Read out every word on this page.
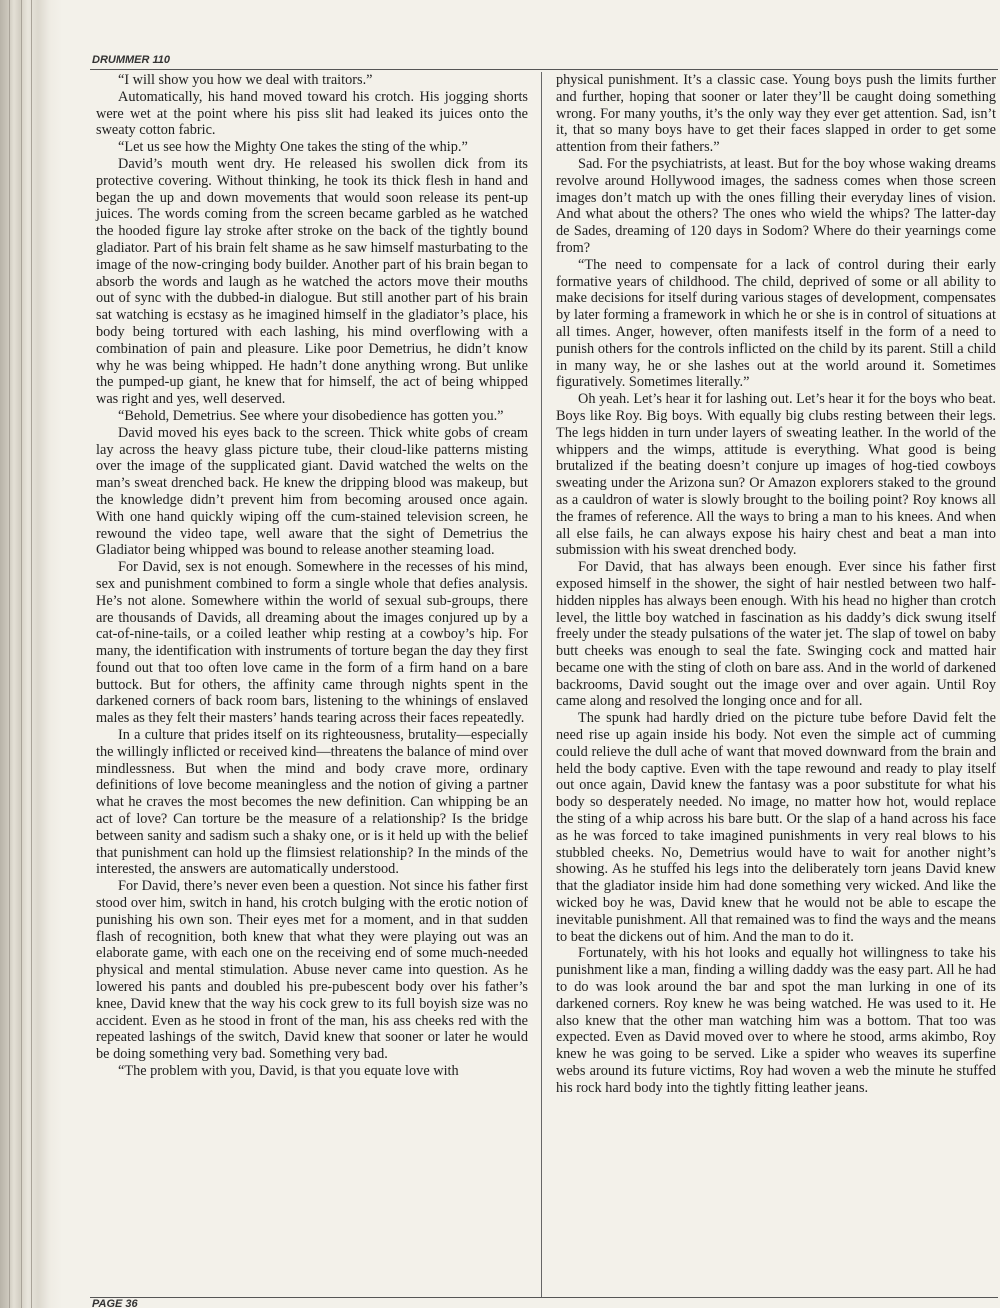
DRUMMER 110

“I will show you how we deal with traitors.”

Automatically, his hand moved toward his crotch. His jogging shorts were wet at the point where his piss slit had leaked its juices onto the sweaty cotton fabric.

“Let us see how the Mighty One takes the sting of the whip.”

David’s mouth went dry. He released his swollen dick from its protective covering. Without thinking, he took its thick flesh in hand and began the up and down movements that would soon release its pent-up juices. The words coming from the screen became garbled as he watched the hooded figure lay stroke after stroke on the back of the tightly bound gladiator. Part of his brain felt shame as he saw himself masturbating to the image of the now-cringing body builder. Another part of his brain began to absorb the words and laugh as he watched the actors move their mouths out of sync with the dubbed-in dialogue. But still another part of his brain sat watching is ecstasy as he imagined himself in the gladiator’s place, his body being tortured with each lashing, his mind overflowing with a combination of pain and pleasure. Like poor Demetrius, he didn’t know why he was being whipped. He hadn’t done anything wrong. But unlike the pumped-up giant, he knew that for himself, the act of being whipped was right and yes, well deserved.

“Behold, Demetrius. See where your disobedience has gotten you.”

David moved his eyes back to the screen. Thick white gobs of cream lay across the heavy glass picture tube, their cloud-like patterns misting over the image of the supplicated giant. David watched the welts on the man’s sweat drenched back. He knew the dripping blood was makeup, but the knowledge didn’t prevent him from becoming aroused once again. With one hand quickly wiping off the cum-stained television screen, he rewound the video tape, well aware that the sight of Demetrius the Gladiator being whipped was bound to release another steaming load.

For David, sex is not enough. Somewhere in the recesses of his mind, sex and punishment combined to form a single whole that defies analysis. He’s not alone. Somewhere within the world of sexual sub-groups, there are thousands of Davids, all dreaming about the images conjured up by a cat-of-nine-tails, or a coiled leather whip resting at a cowboy’s hip. For many, the identification with instruments of torture began the day they first found out that too often love came in the form of a firm hand on a bare buttock. But for others, the affinity came through nights spent in the darkened corners of back room bars, listening to the whinings of enslaved males as they felt their masters’ hands tearing across their faces repeatedly.

In a culture that prides itself on its righteousness, brutality—especially the willingly inflicted or received kind—threatens the balance of mind over mindlessness. But when the mind and body crave more, ordinary definitions of love become meaningless and the notion of giving a partner what he craves the most becomes the new definition. Can whipping be an act of love? Can torture be the measure of a relationship? Is the bridge between sanity and sadism such a shaky one, or is it held up with the belief that punishment can hold up the flimsiest relationship? In the minds of the interested, the answers are automatically understood.

For David, there’s never even been a question. Not since his father first stood over him, switch in hand, his crotch bulging with the erotic notion of punishing his own son. Their eyes met for a moment, and in that sudden flash of recognition, both knew that what they were playing out was an elaborate game, with each one on the receiving end of some much-needed physical and mental stimulation. Abuse never came into question. As he lowered his pants and doubled his pre-pubescent body over his father’s knee, David knew that the way his cock grew to its full boyish size was no accident. Even as he stood in front of the man, his ass cheeks red with the repeated lashings of the switch, David knew that sooner or later he would be doing something very bad. Something very bad.

“The problem with you, David, is that you equate love with

physical punishment. It’s a classic case. Young boys push the limits further and further, hoping that sooner or later they’ll be caught doing something wrong. For many youths, it’s the only way they ever get attention. Sad, isn’t it, that so many boys have to get their faces slapped in order to get some attention from their fathers.”

Sad. For the psychiatrists, at least. But for the boy whose waking dreams revolve around Hollywood images, the sadness comes when those screen images don’t match up with the ones filling their everyday lines of vision. And what about the others? The ones who wield the whips? The latter-day de Sades, dreaming of 120 days in Sodom? Where do their yearnings come from?

“The need to compensate for a lack of control during their early formative years of childhood. The child, deprived of some or all ability to make decisions for itself during various stages of development, compensates by later forming a framework in which he or she is in control of situations at all times. Anger, however, often manifests itself in the form of a need to punish others for the controls inflicted on the child by its parent. Still a child in many way, he or she lashes out at the world around it. Sometimes figuratively. Sometimes literally.”

Oh yeah. Let’s hear it for lashing out. Let’s hear it for the boys who beat. Boys like Roy. Big boys. With equally big clubs resting between their legs. The legs hidden in turn under layers of sweating leather. In the world of the whippers and the wimps, attitude is everything. What good is being brutalized if the beating doesn’t conjure up images of hog-tied cowboys sweating under the Arizona sun? Or Amazon explorers staked to the ground as a cauldron of water is slowly brought to the boiling point? Roy knows all the frames of reference. All the ways to bring a man to his knees. And when all else fails, he can always expose his hairy chest and beat a man into submission with his sweat drenched body.

For David, that has always been enough. Ever since his father first exposed himself in the shower, the sight of hair nestled between two half-hidden nipples has always been enough. With his head no higher than crotch level, the little boy watched in fascination as his daddy’s dick swung itself freely under the steady pulsations of the water jet. The slap of towel on baby butt cheeks was enough to seal the fate. Swinging cock and matted hair became one with the sting of cloth on bare ass. And in the world of darkened backrooms, David sought out the image over and over again. Until Roy came along and resolved the longing once and for all.

The spunk had hardly dried on the picture tube before David felt the need rise up again inside his body. Not even the simple act of cumming could relieve the dull ache of want that moved downward from the brain and held the body captive. Even with the tape rewound and ready to play itself out once again, David knew the fantasy was a poor substitute for what his body so desperately needed. No image, no matter how hot, would replace the sting of a whip across his bare butt. Or the slap of a hand across his face as he was forced to take imagined punishments in very real blows to his stubbled cheeks. No, Demetrius would have to wait for another night’s showing. As he stuffed his legs into the deliberately torn jeans David knew that the gladiator inside him had done something very wicked. And like the wicked boy he was, David knew that he would not be able to escape the inevitable punishment. All that remained was to find the ways and the means to beat the dickens out of him. And the man to do it.

Fortunately, with his hot looks and equally hot willingness to take his punishment like a man, finding a willing daddy was the easy part. All he had to do was look around the bar and spot the man lurking in one of its darkened corners. Roy knew he was being watched. He was used to it. He also knew that the other man watching him was a bottom. That too was expected. Even as David moved over to where he stood, arms akimbo, Roy knew he was going to be served. Like a spider who weaves its superfine webs around its future victims, Roy had woven a web the minute he stuffed his rock hard body into the tightly fitting leather jeans.

PAGE 36
